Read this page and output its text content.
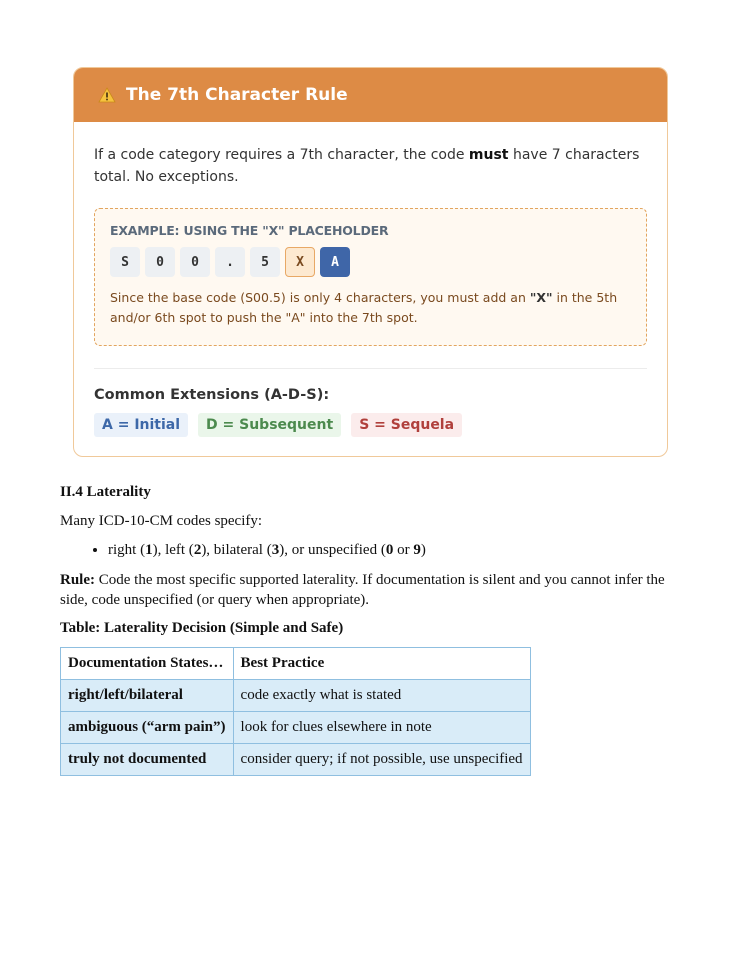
The 7th Character Rule
If a code category requires a 7th character, the code must have 7 characters total. No exceptions.
EXAMPLE: USING THE "X" PLACEHOLDER
S	0	0	.	5	X	A
Since the base code (S00.5) is only 4 characters, you must add an "X" in the 5th and/or 6th spot to push the "A" into the 7th spot.
Common Extensions (A-D-S):
A = Initial	D = Subsequent	S = Sequela
II.4 Laterality
Many ICD-10-CM codes specify:
• right (1), left (2), bilateral (3), or unspecified (0 or 9)
Rule: Code the most specific supported laterality. If documentation is silent and you cannot infer the side, code unspecified (or query when appropriate).
Table: Laterality Decision (Simple and Safe)
Documentation States…	Best Practice
right/left/bilateral	code exactly what is stated
ambiguous (“arm pain”)	look for clues elsewhere in note
truly not documented	consider query; if not possible, use unspecified
